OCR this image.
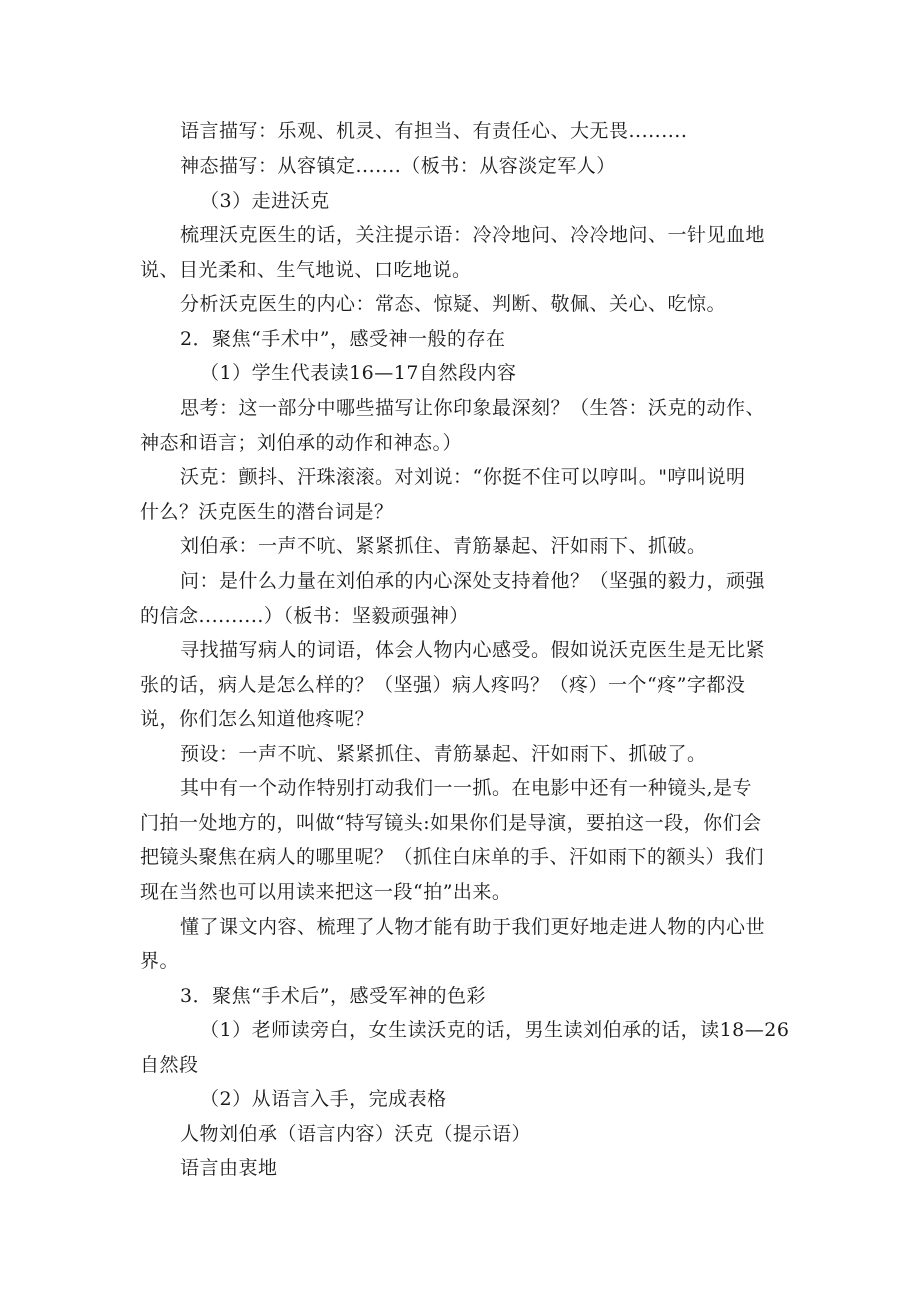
语言描写：乐观、机灵、有担当、有责任心、大无畏.........

神态描写：从容镇定.......（板书：从容淡定军人）

（3）走进沃克

梳理沃克医生的话，关注提示语：冷冷地问、冷冷地问、一针见血地

说、目光柔和、生气地说、口吃地说。

分析沃克医生的内心：常态、惊疑、判断、敬佩、关心、吃惊。

2．聚焦“手术中”，感受神一般的存在

（1）学生代表读16—17自然段内容

思考：这一部分中哪些描写让你印象最深刻？（生答：沃克的动作、

神态和语言；刘伯承的动作和神态。）

沃克：颤抖、汗珠滚滚。对刘说：“你挺不住可以哼叫。"哼叫说明

什么？沃克医生的潜台词是？

刘伯承：一声不吭、紧紧抓住、青筋暴起、汗如雨下、抓破。

问：是什么力量在刘伯承的内心深处支持着他？（坚强的毅力，顽强

的信念..........）（板书：坚毅顽强神）

寻找描写病人的词语，体会人物内心感受。假如说沃克医生是无比紧

张的话，病人是怎么样的？（坚强）病人疼吗？（疼）一个“疼”字都没

说，你们怎么知道他疼呢？

预设：一声不吭、紧紧抓住、青筋暴起、汗如雨下、抓破了。

其中有一个动作特别打动我们一一抓。在电影中还有一种镜头,是专

门拍一处地方的，叫做“特写镜头:如果你们是导演，要拍这一段，你们会

把镜头聚焦在病人的哪里呢？（抓住白床单的手、汗如雨下的额头）我们

现在当然也可以用读来把这一段“拍”出来。

懂了课文内容、梳理了人物才能有助于我们更好地走进人物的内心世

界。

3．聚焦“手术后”，感受军神的色彩

（1）老师读旁白，女生读沃克的话，男生读刘伯承的话，读18—26

自然段

（2）从语言入手，完成表格

人物刘伯承（语言内容）沃克（提示语）

语言由衷地
